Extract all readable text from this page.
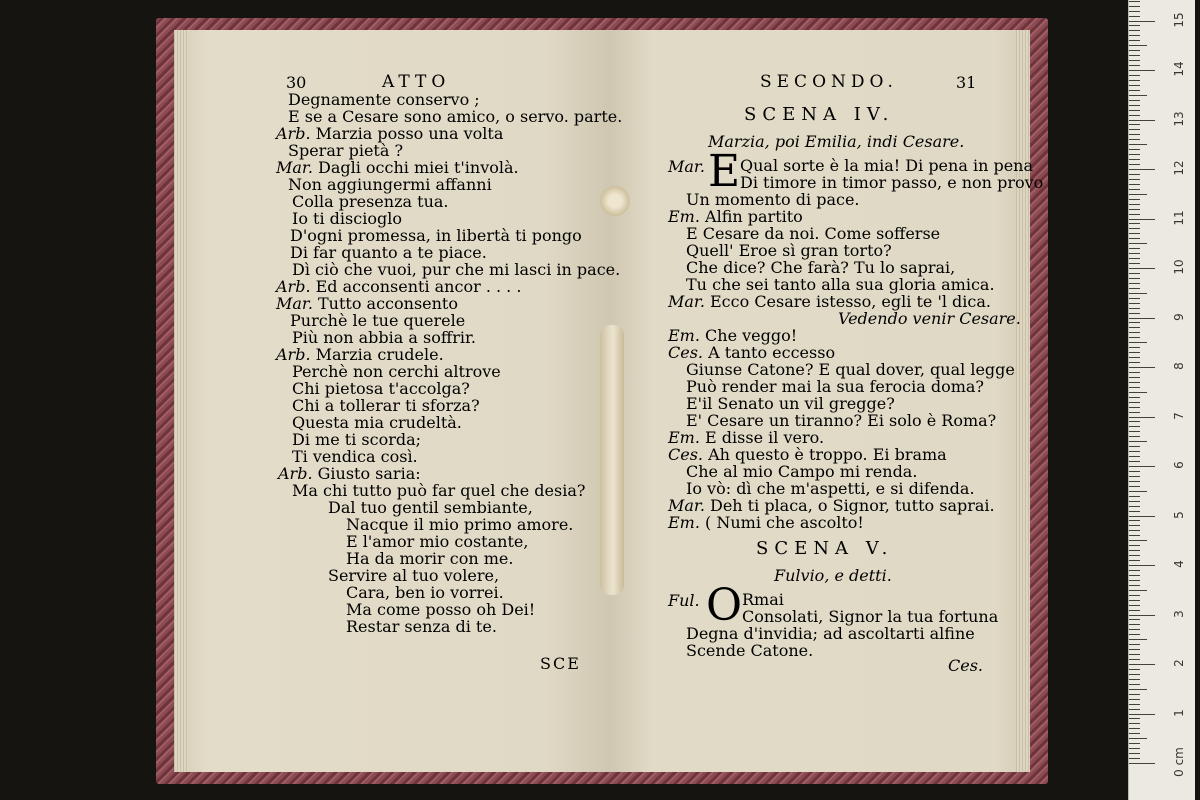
30	ATTO
Degnamente conservo ;
E se a Cesare sono amico, o servo. parte.
Arb. Marzia posso una volta
Sperar pietà ?
Mar. Dagli occhi miei t'involà.
Non aggiungermi affanni
Colla presenza tua.
Io ti discioglo
D'ogni promessa, in libertà ti pongo
Di far quanto a te piace.
Dì ciò che vuoi, pur che mi lasci in pace.
Arb. Ed acconsenti ancor . . . .
Mar. Tutto acconsento
Purchè le tue querele
Più non abbia a soffrir.
Arb. Marzia crudele.
Perchè non cerchi altrove
Chi pietosa t'accolga?
Chi a tollerar ti sforza?
Questa mia crudeltà.
Di me ti scorda;
Ti vendica così.
Arb. Giusto saria:
Ma chi tutto può far quel che desia?
Dal tuo gentil sembiante,
Nacque il mio primo amore.
E l'amor mio costante,
Ha da morir con me.
Servire al tuo volere,
Cara, ben io vorrei.
Ma come posso oh Dei!
Restar senza di te.
SCE
SECONDO.	31
SCENA IV.
Marzia, poi Emilia, indi Cesare.
Mar. E Qual sorte è la mia! Di pena in pena
Di timore in timor passo, e non provo
Un momento di pace.
Em. Alfin partito
E Cesare da noi. Come sofferse
Quell' Eroe sì gran torto?
Che dice? Che farà? Tu lo saprai,
Tu che sei tanto alla sua gloria amica.
Mar. Ecco Cesare istesso, egli te 'l dica.
Vedendo venir Cesare.
Em. Che veggo!
Ces. A tanto eccesso
Giunse Catone? E qual dover, qual legge
Può render mai la sua ferocia doma?
E'il Senato un vil gregge?
E' Cesare un tiranno? Ei solo è Roma?
Em. E disse il vero.
Ces. Ah questo è troppo. Ei brama
Che al mio Campo mi renda.
Io vò: dì che m'aspetti, e si difenda.
Mar. Deh ti placa, o Signor, tutto saprai.
Em. ( Numi che ascolto!
SCENA V.
Fulvio, e detti.
Ful. O Rmai
Consolati, Signor la tua fortuna
Degna d'invidia; ad ascoltarti alfine
Scende Catone.
Ces.
0 cm
1
2
3
4
5
6
7
8
9
10
11
12
13
14
15
